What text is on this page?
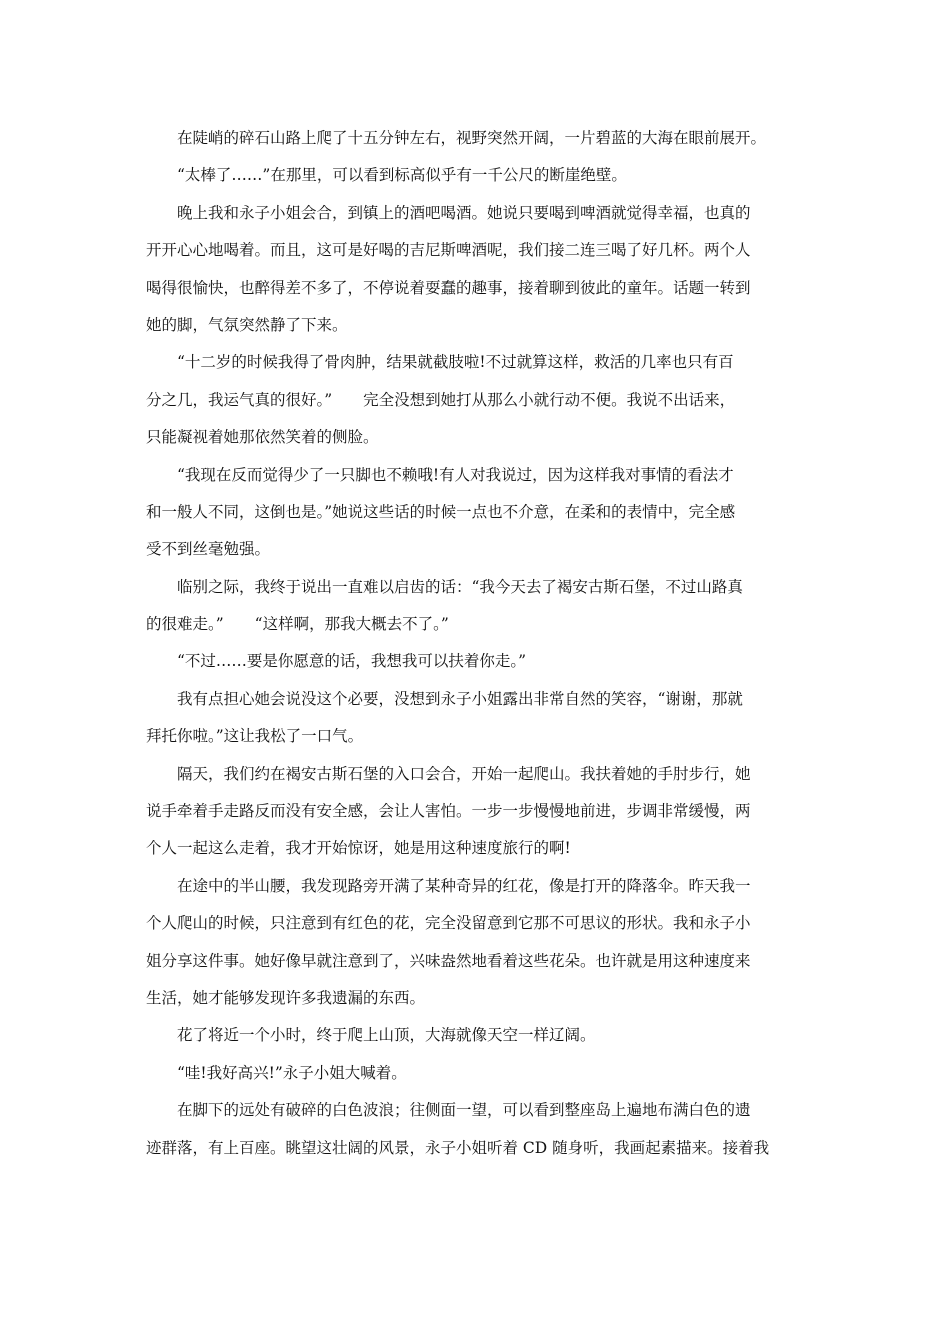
在陡峭的碎石山路上爬了十五分钟左右，视野突然开阔，一片碧蓝的大海在眼前展开。
“太棒了……”在那里，可以看到标高似乎有一千公尺的断崖绝壁。
晚上我和永子小姐会合，到镇上的酒吧喝酒。她说只要喝到啤酒就觉得幸福，也真的
开开心心地喝着。而且，这可是好喝的吉尼斯啤酒呢，我们接二连三喝了好几杯。两个人
喝得很愉快，也醉得差不多了，不停说着耍蠢的趣事，接着聊到彼此的童年。话题一转到
她的脚，气氛突然静了下来。
“十二岁的时候我得了骨肉肿，结果就截肢啦!不过就算这样，救活的几率也只有百
分之几，我运气真的很好。”　　完全没想到她打从那么小就行动不便。我说不出话来，
只能凝视着她那依然笑着的侧脸。
“我现在反而觉得少了一只脚也不赖哦!有人对我说过，因为这样我对事情的看法才
和一般人不同，这倒也是。”她说这些话的时候一点也不介意，在柔和的表情中，完全感
受不到丝毫勉强。
临别之际，我终于说出一直难以启齿的话：“我今天去了褐安古斯石堡，不过山路真
的很难走。”　　“这样啊，那我大概去不了。”
“不过……要是你愿意的话，我想我可以扶着你走。”
我有点担心她会说没这个必要，没想到永子小姐露出非常自然的笑容，“谢谢，那就
拜托你啦。”这让我松了一口气。
隔天，我们约在褐安古斯石堡的入口会合，开始一起爬山。我扶着她的手肘步行，她
说手牵着手走路反而没有安全感，会让人害怕。一步一步慢慢地前进，步调非常缓慢，两
个人一起这么走着，我才开始惊讶，她是用这种速度旅行的啊!
在途中的半山腰，我发现路旁开满了某种奇异的红花，像是打开的降落伞。昨天我一
个人爬山的时候，只注意到有红色的花，完全没留意到它那不可思议的形状。我和永子小
姐分享这件事。她好像早就注意到了，兴味盎然地看着这些花朵。也许就是用这种速度来
生活，她才能够发现许多我遗漏的东西。
花了将近一个小时，终于爬上山顶，大海就像天空一样辽阔。
“哇!我好高兴!”永子小姐大喊着。
在脚下的远处有破碎的白色波浪；往侧面一望，可以看到整座岛上遍地布满白色的遗
迹群落，有上百座。眺望这壮阔的风景，永子小姐听着 CD 随身听，我画起素描来。接着我
